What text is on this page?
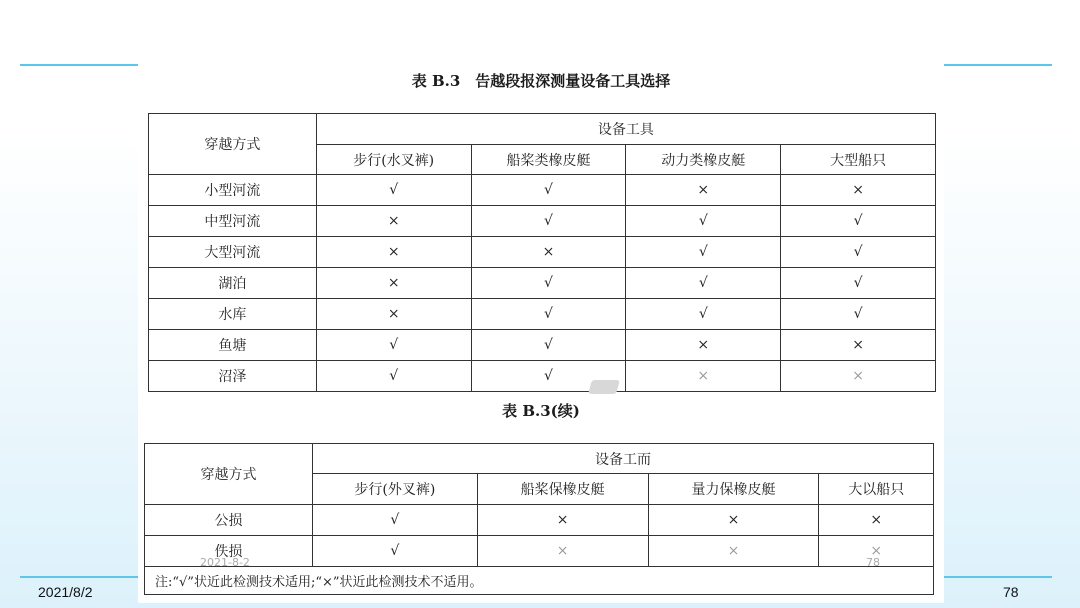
表 B.3　告越段报深测量设备工具选择
穿越方式	设备工具			
	步行(水叉裤)	船桨类橡皮艇	动力类橡皮艇	大型船只
小型河流	√	√	×	×
中型河流	×	√	√	√
大型河流	×	×	√	√
湖泊	×	√	√	√
水库	×	√	√	√
鱼塘	√	√	×	×
沼泽	√	√	×	×
表 B.3(续)
穿越方式	设备工而			
	步行(外叉裤)	船桨保橡皮艇	量力保橡皮艇	大以船只
公损	√	×	×	×
佚损	√	×	×	×
注:“√”状近此检测技术适用;“×”状近此检测技术不适用。				
2021-8-2	78
2021/8/2	78
